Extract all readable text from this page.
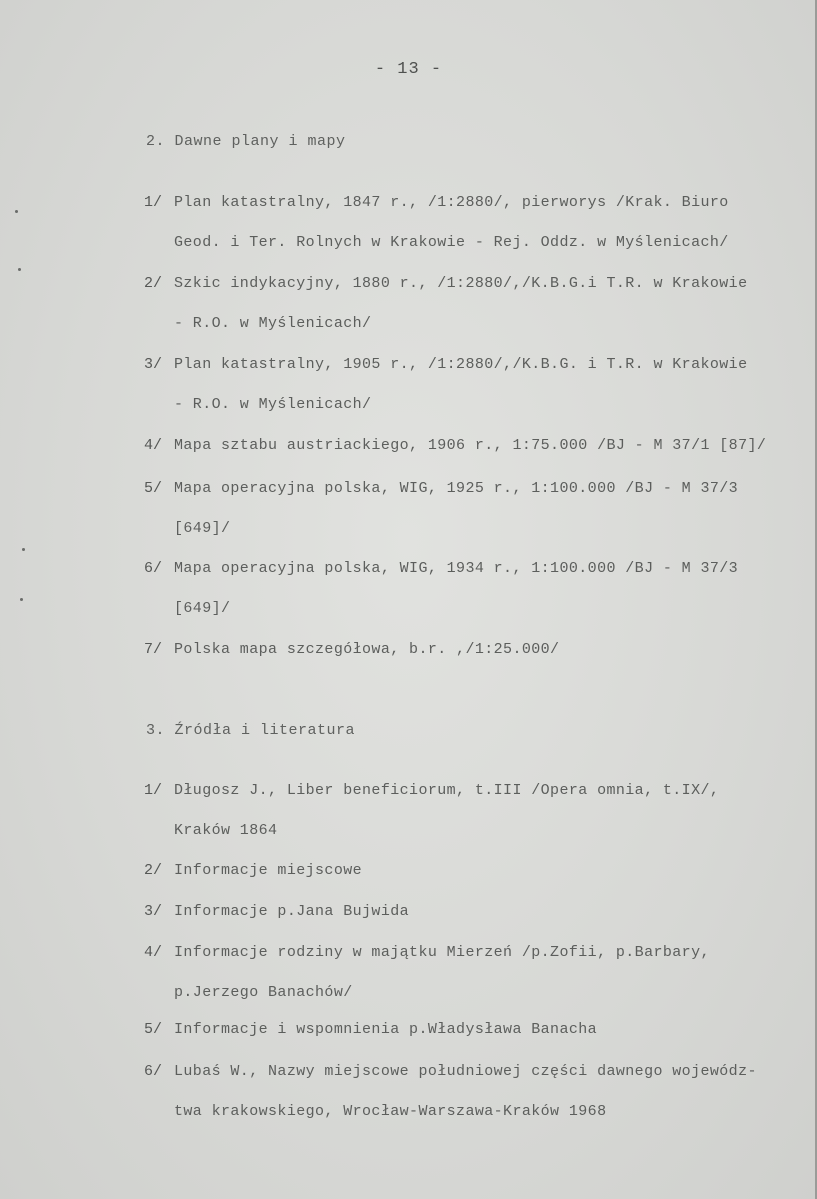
- 13 -
2. Dawne plany i mapy
1/ Plan katastralny, 1847 r., /1:2880/, pierworys /Krak. Biuro
Geod. i Ter. Rolnych w Krakowie - Rej. Oddz. w Myślenicach/
2/ Szkic indykacyjny, 1880 r., /1:2880/,/K.B.G.i T.R. w Krakowie
- R.O. w Myślenicach/
3/ Plan katastralny, 1905 r., /1:2880/,/K.B.G. i T.R. w Krakowie
- R.O. w Myślenicach/
4/ Mapa sztabu austriackiego, 1906 r., 1:75.000 /BJ - M 37/1 [87]/
5/ Mapa operacyjna polska, WIG, 1925 r., 1:100.000 /BJ - M 37/3
[649]/
6/ Mapa operacyjna polska, WIG, 1934 r., 1:100.000 /BJ - M 37/3
[649]/
7/ Polska mapa szczegółowa, b.r. ,/1:25.000/
3. Źródła i literatura
1/ Długosz J., Liber beneficiorum, t.III /Opera omnia, t.IX/,
Kraków 1864
2/ Informacje miejscowe
3/ Informacje p.Jana Bujwida
4/ Informacje rodziny w majątku Mierzeń /p.Zofii, p.Barbary,
p.Jerzego Banachów/
5/ Informacje i wspomnienia p.Władysława Banacha
6/ Lubaś W., Nazwy miejscowe południowej części dawnego wojewódz-
twa krakowskiego, Wrocław-Warszawa-Kraków 1968
